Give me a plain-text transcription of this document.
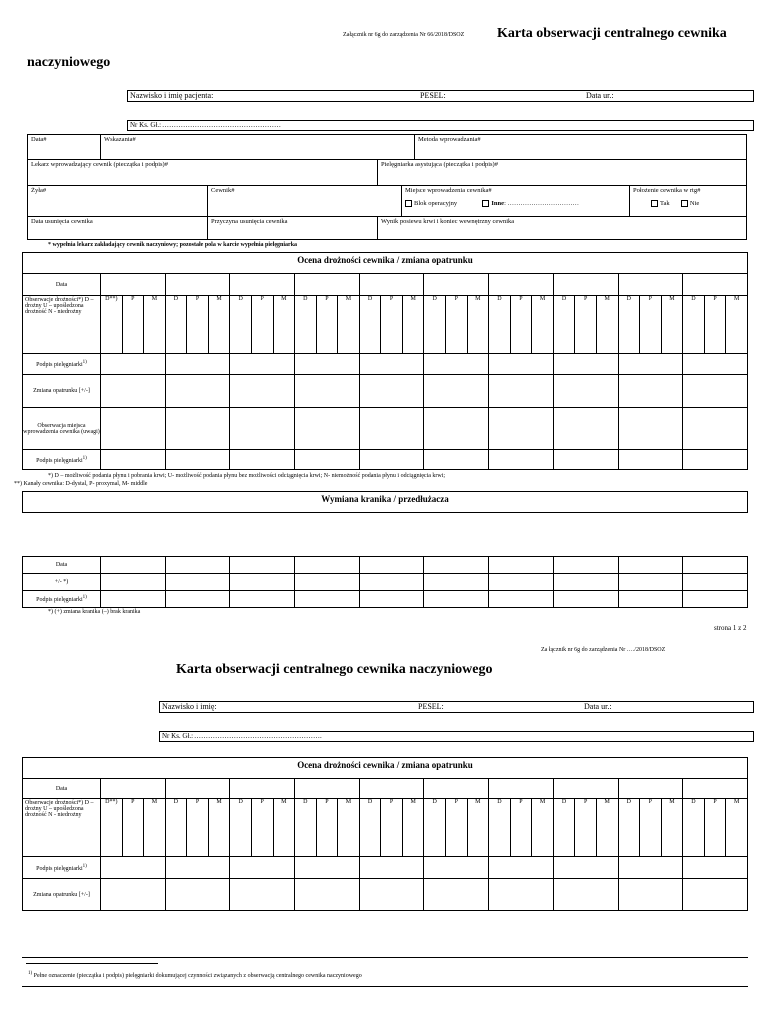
Załącznik nr 6g do zarządzenia Nr 66/2018/DSOZ Karta obserwacji centralnego cewnika
naczyniowego
Nazwisko i imię pacjenta:	PESEL:	Data ur.:
Nr Ks. Gł.: ……………………………………………
Data#	Wskazania#	Metoda wprowadzania#
Lekarz wprowadzający cewnik (pieczątka i podpis)#	Pielęgniarka asystująca (pieczątka i podpis)#
Żyła#	Cewnik#	Miejsce wprowadzenia cewnika#
Blok operacyjny	Inne: ……………………………
Położenie cewnika w rtg#
Tak	Nie
Data usunięcia cewnika	Przyczyna usunięcia cewnika	Wynik posiewu krwi i koniec wewnętrzny cewnika
* wypełnia lekarz zakładający cewnik naczyniowy; pozostałe pola w karcie wypełnia pielęgniarka
Ocena drożności cewnika / zmiana opatrunku
Data																														
Obserwacje drożności*) D – drożny U – upośledzona drożność N - niedrożny	D**)	P	M	D	P	M	D	P	M	D	P	M	D	P	M	D	P	M	D	P	M	D	P	M	D	P	M	D	P	M
Podpis pielęgniarki$^{1)}$										
Zmiana opatrunku [+/-]																														
Obserwacja miejsca wprowadzenia cewnika (uwagi)																														
Podpis pielęgniarki$^{1)}$										
*) D – możliwość podania płynu i pobrania krwi; U- możliwość podania płynu bez możliwości odciągnięcia krwi; N- niemożność podania płynu i odciągnięcia krwi;
**) Kanały cewnika: D-dystal, P- proxymal, M- middle
Wymiana kranika / przedłużacza
Data										
+/- *)										
Podpis pielęgniarki$^{1)}$										
*) (+) zmiana kranika (–) brak kranika
strona 1 z 2
Za łącznik nr 6g do zarządzenia Nr …./2018/DSOZ
Karta obserwacji centralnego cewnika naczyniowego
Nazwisko i imię:	PESEL:	Data ur.:
Nr Ks. Gł.: ……………………………………………….
Ocena drożności cewnika / zmiana opatrunku
Data																														
Obserwacje drożności*) D – drożny U – upośledzona drożność N - niedrożny	D**)	P	M	D	P	M	D	P	M	D	P	M	D	P	M	D	P	M	D	P	M	D	P	M	D	P	M	D	P	M
Podpis pielęgniarki$^{1)}$										
Zmiana opatrunku [+/-]																														
$^{1)}$ Pełne oznaczenie (pieczątka i podpis) pielęgniarki dokumującej czynności związanych z obserwacją centralnego cewnika naczyniowego
